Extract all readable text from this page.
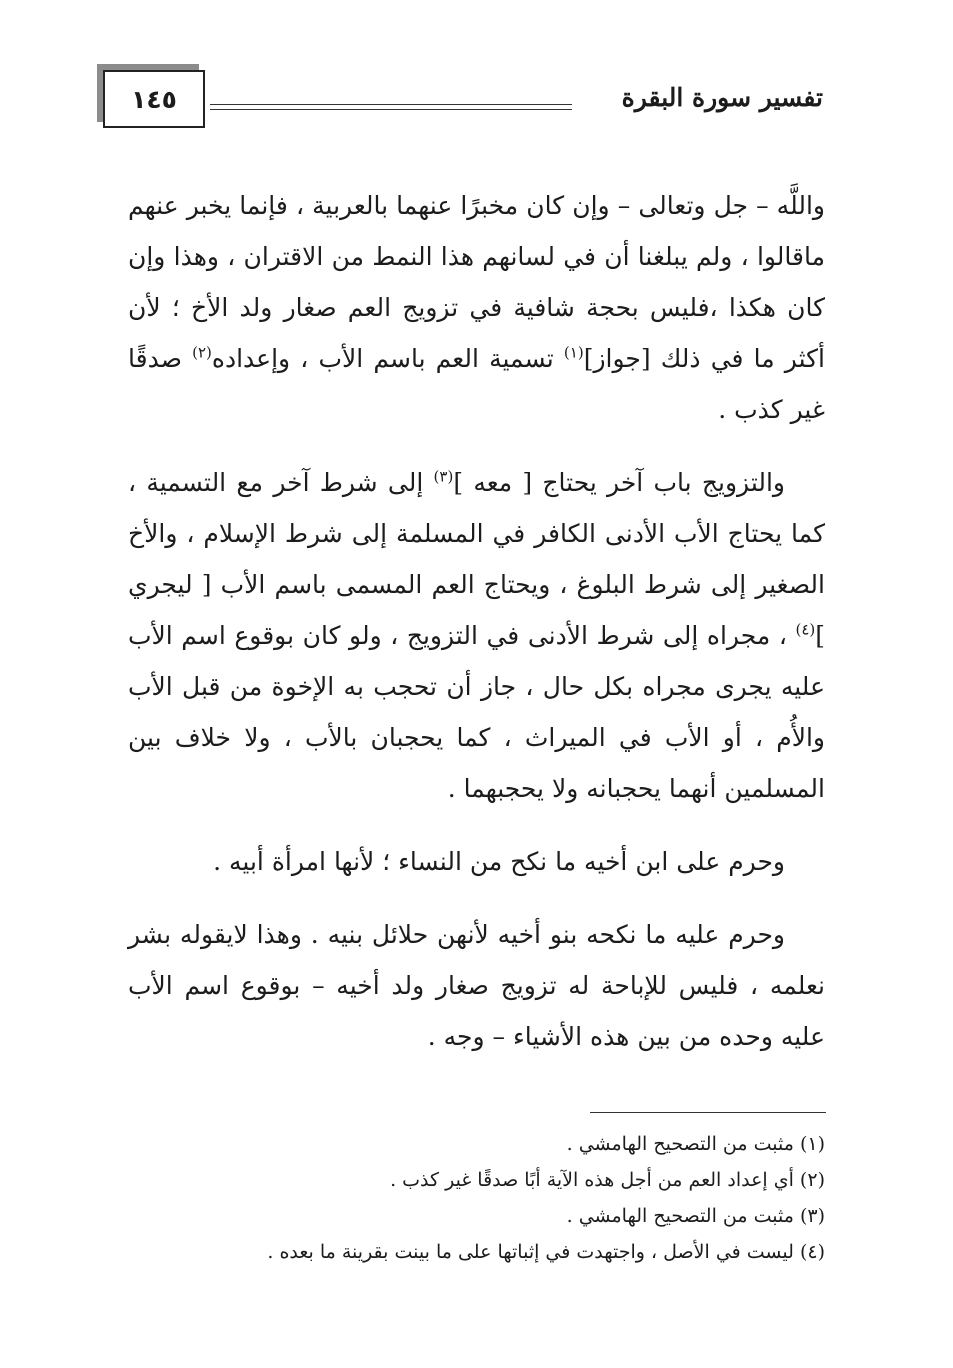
١٤٥	تفسير سورة البقرة

واللَّه – جل وتعالى – وإن كان مخبرًا عنهما بالعربية ، فإنما يخبر عنهم ماقالوا ، ولم يبلغنا أن في لسانهم هذا النمط من الاقتران ، وهذا وإن كان هكذا ،فليس بحجة شافية في تزويج العم صغار ولد الأخ ؛ لأن أكثر ما في ذلك [جواز]$^{(١)}$ تسمية العم باسم الأب ، وإعداده$^{(٢)}$ صدقًا غير كذب .

والتزويج باب آخر يحتاج [ معه ]$^{(٣)}$ إلى شرط آخر مع التسمية ، كما يحتاج الأب الأدنى الكافر في المسلمة إلى شرط الإسلام ، والأخ الصغير إلى شرط البلوغ ، ويحتاج العم المسمى باسم الأب [ ليجري ]$^{(٤)}$ ، مجراه إلى شرط الأدنى في التزويج ، ولو كان بوقوع اسم الأب عليه يجرى مجراه بكل حال ، جاز أن تحجب به الإخوة من قبل الأب والأُم ، أو الأب في الميراث ، كما يحجبان بالأب ، ولا خلاف بين المسلمين أنهما يحجبانه ولا يحجبهما .

وحرم على ابن أخيه ما نكح من النساء ؛ لأنها امرأة أبيه .

وحرم عليه ما نكحه بنو أخيه لأنهن حلائل بنيه . وهذا لايقوله بشر نعلمه ، فليس للإباحة له تزويج صغار ولد أخيه – بوقوع اسم الأب عليه وحده من بين هذه الأشياء – وجه .

(١) مثبت من التصحيح الهامشي .
(٢) أي إعداد العم من أجل هذه الآية أبًا صدقًا غير كذب .
(٣) مثبت من التصحيح الهامشي .
(٤) ليست في الأصل ، واجتهدت في إثباتها على ما بينت بقرينة ما بعده .
